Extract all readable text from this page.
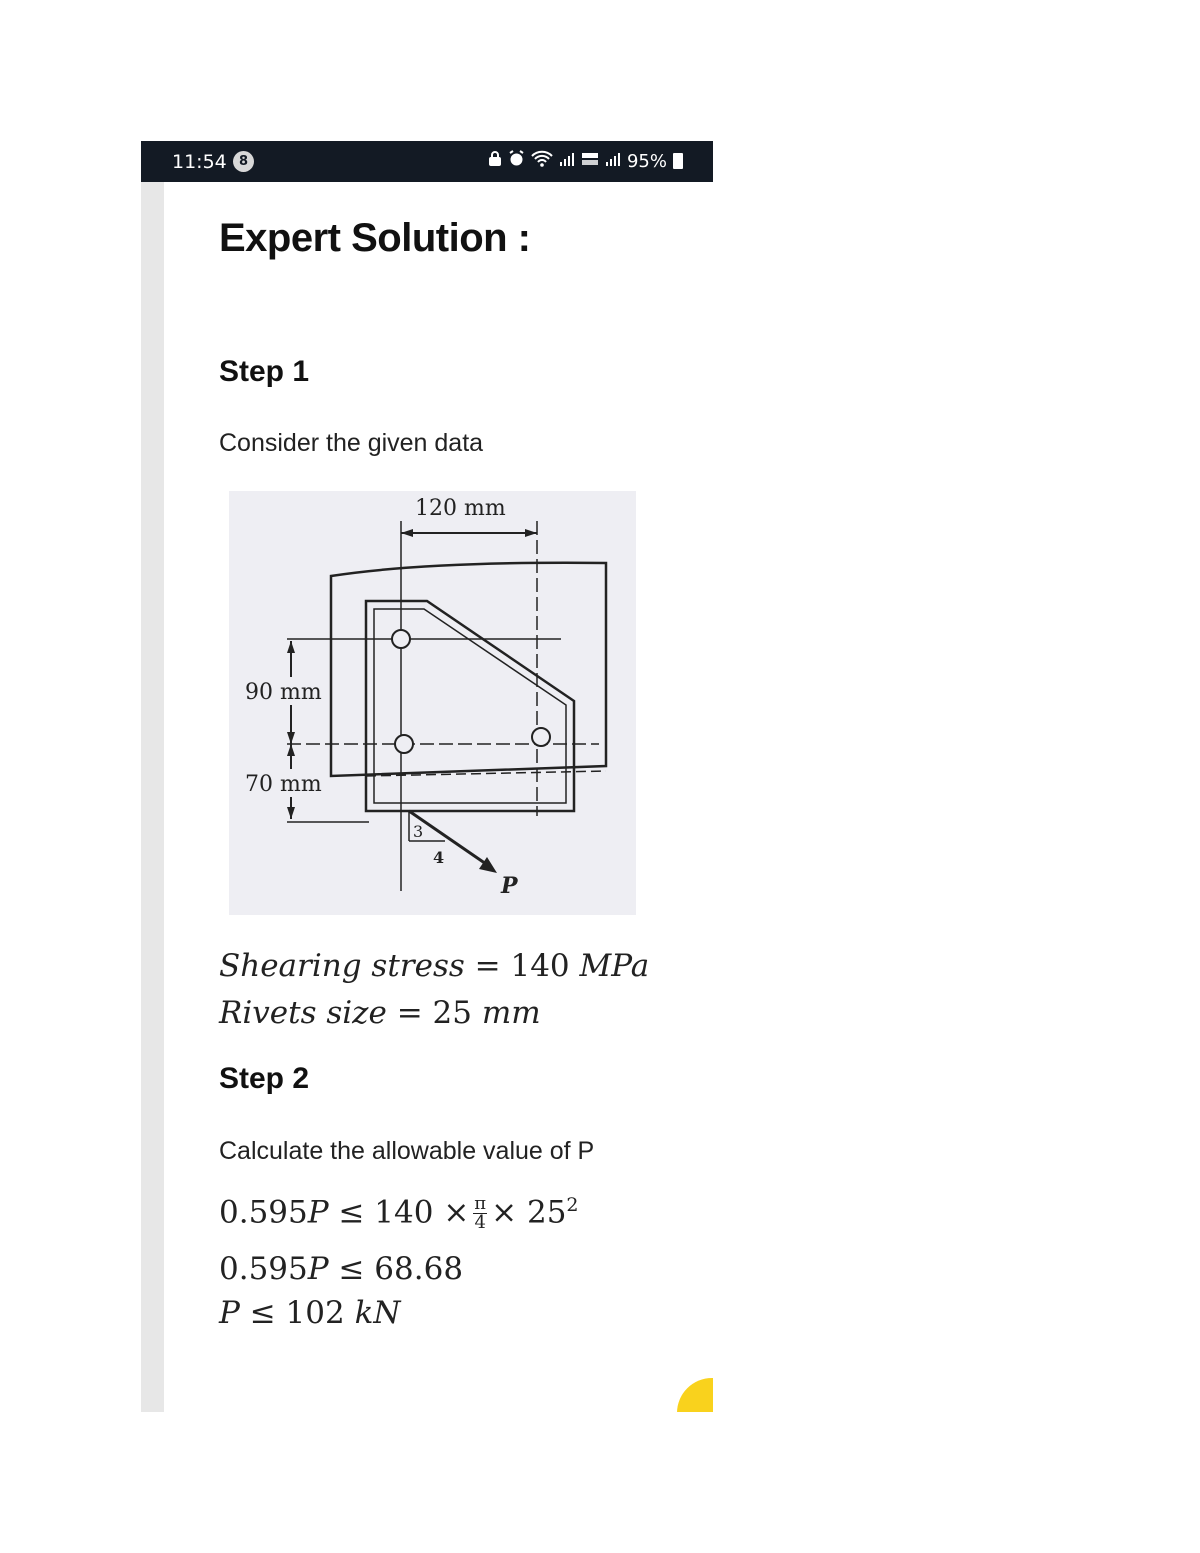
11:54 8	95%
Expert Solution :
Step 1

Consider the given data

120 mm
90 mm
70 mm
3
4
P
Shearing stress = 140 MPa
Rivets size = 25 mm
Step 2

Calculate the allowable value of P

$0.595P \le 140 \times \frac{\pi}{4} \times 25^2$
0.595P ≤ 68.68
P ≤ 102 kN
